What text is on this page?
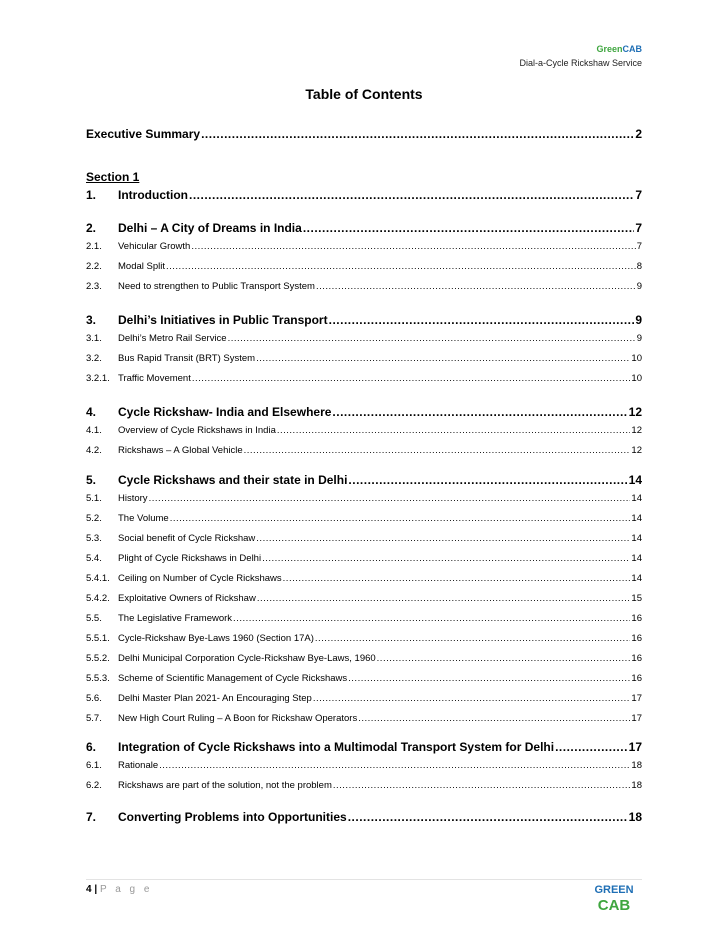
GreenCAB
Dial-a-Cycle Rickshaw Service
Table of Contents
Executive Summary .....	2
Section 1
1.	Introduction .....	7
2.	Delhi – A City of Dreams in India .....	7
2.1.	Vehicular Growth .....	7
2.2.	Modal Split .....	8
2.3.	Need to strengthen to Public Transport System .....	9
3.	Delhi’s Initiatives in Public Transport .....	9
3.1.	Delhi’s Metro Rail Service .....	9
3.2.	Bus Rapid Transit (BRT) System .....	10
3.2.1. Traffic Movement .....	10
4.	Cycle Rickshaw- India and Elsewhere .....	12
4.1.	Overview of Cycle Rickshaws in India .....	12
4.2.	Rickshaws – A Global Vehicle .....	12
5.	Cycle Rickshaws and their state in Delhi .....	14
5.1.	History .....	14
5.2.	The Volume .....	14
5.3.	Social benefit of Cycle Rickshaw .....	14
5.4.	Plight of Cycle Rickshaws in Delhi .....	14
5.4.1. Ceiling on Number of Cycle Rickshaws .....	14
5.4.2. Exploitative Owners of Rickshaw .....	15
5.5.	The Legislative Framework .....	16
5.5.1. Cycle-Rickshaw Bye-Laws 1960 (Section 17A) .....	16
5.5.2. Delhi Municipal Corporation Cycle-Rickshaw Bye-Laws, 1960 .....	16
5.5.3. Scheme of Scientific Management of Cycle Rickshaws .....	16
5.6.	Delhi Master Plan 2021- An Encouraging Step .....	17
5.7.	New High Court Ruling – A Boon for Rickshaw Operators .....	17
6.	Integration of Cycle Rickshaws into a Multimodal Transport System for Delhi .....	17
6.1.	Rationale .....	18
6.2.	Rickshaws are part of the solution, not the problem .....	18
7.	Converting Problems into Opportunities .....	18
4 | P a g e	GREEN
CAB
